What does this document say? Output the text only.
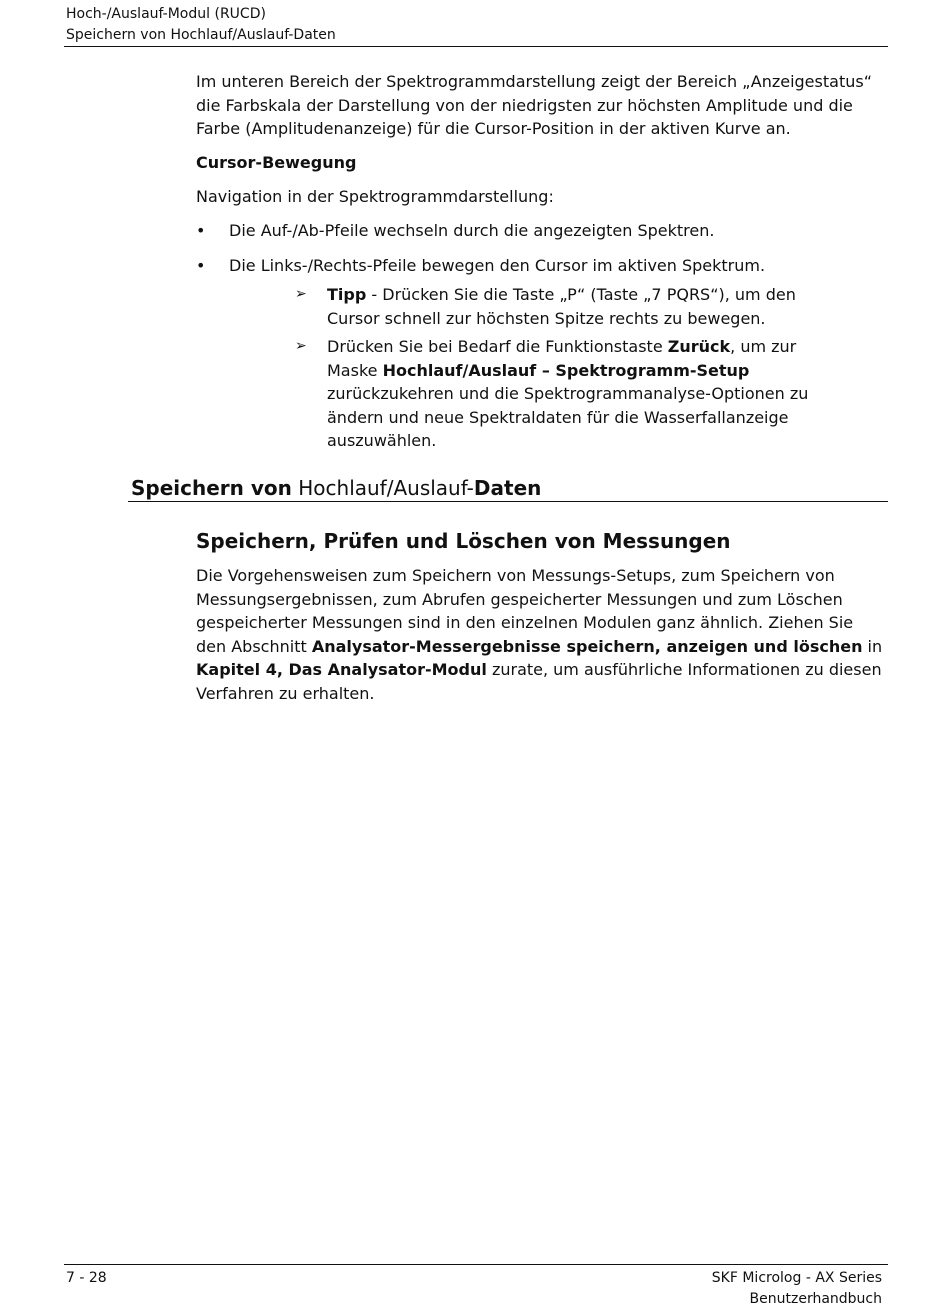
Hoch-/Auslauf-Modul (RUCD)
Speichern von Hochlauf/Auslauf-Daten
Im unteren Bereich der Spektrogrammdarstellung zeigt der Bereich „Anzeigestatus“ die Farbskala der Darstellung von der niedrigsten zur höchsten Amplitude und die Farbe (Amplitudenanzeige) für die Cursor-Position in der aktiven Kurve an.
Cursor-Bewegung
Navigation in der Spektrogrammdarstellung:
•	Die Auf-/Ab-Pfeile wechseln durch die angezeigten Spektren.
•	Die Links-/Rechts-Pfeile bewegen den Cursor im aktiven Spektrum.
➢ Tipp - Drücken Sie die Taste „P“ (Taste „7 PQRS“), um den Cursor schnell zur höchsten Spitze rechts zu bewegen.
➢ Drücken Sie bei Bedarf die Funktionstaste Zurück, um zur Maske Hochlauf/Auslauf – Spektrogramm-Setup zurückzukehren und die Spektrogrammanalyse-Optionen zu ändern und neue Spektraldaten für die Wasserfallanzeige auszuwählen.
Speichern von Hochlauf/Auslauf-Daten
Speichern, Prüfen und Löschen von Messungen
Die Vorgehensweisen zum Speichern von Messungs-Setups, zum Speichern von Messungsergebnissen, zum Abrufen gespeicherter Messungen und zum Löschen gespeicherter Messungen sind in den einzelnen Modulen ganz ähnlich. Ziehen Sie den Abschnitt Analysator-Messergebnisse speichern, anzeigen und löschen in Kapitel 4, Das Analysator-Modul zurate, um ausführliche Informationen zu diesen Verfahren zu erhalten.
7 - 28	SKF Microlog - AX Series
Benutzerhandbuch
